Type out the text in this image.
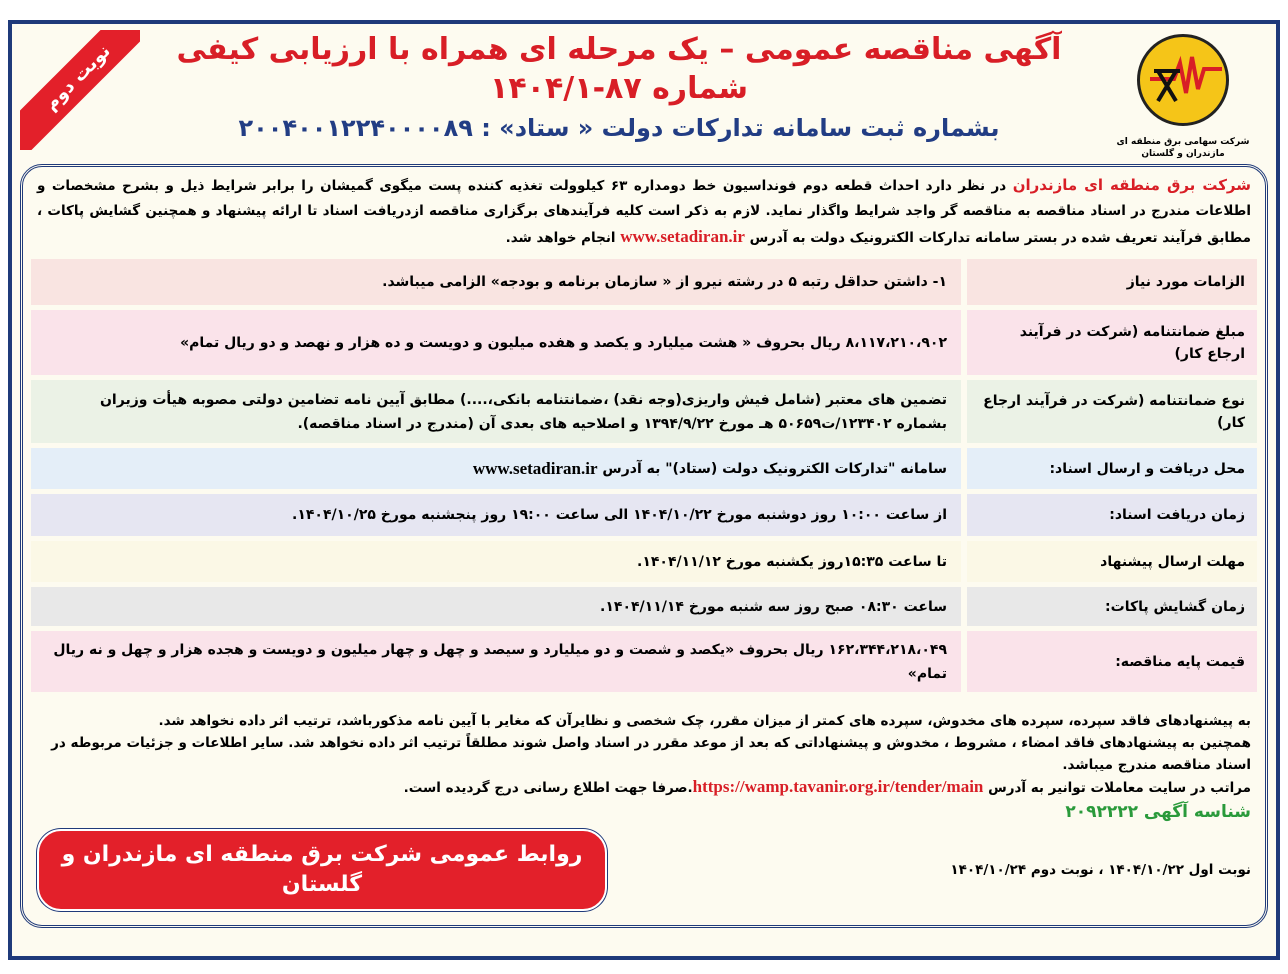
نوبت دوم	آگهی مناقصه عمومی – یک مرحله ای همراه با ارزیابی کیفی
شماره ۸۷-۱۴۰۴/۱
بشماره ثبت سامانه تدارکات دولت « ستاد» : ۲۰۰۴۰۰۱۲۲۴۰۰۰۰۸۹	شرکت سهامی برق منطقه ای مازندران و گلستان
شرکت برق منطقه ای مازندران در نظر دارد احداث قطعه دوم فونداسیون خط دومداره ۶۳ کیلوولت تغذیه کننده پست میگوی گمیشان را برابر شرایط ذیل و بشرح مشخصات و اطلاعات مندرج در اسناد مناقصه به مناقصه گر واجد شرایط واگذار نماید. لازم به ذکر است کلیه فرآیندهای برگزاری مناقصه ازدریافت اسناد تا ارائه پیشنهاد و همچنین گشایش پاکات ، مطابق فرآیند تعریف شده در بستر سامانه تدارکات الکترونیک دولت به آدرس www.setadiran.ir انجام خواهد شد.
الزامات مورد نیاز
۱- داشتن حداقل رتبه ۵ در رشته نیرو از « سازمان برنامه و بودجه» الزامی میباشد.
مبلغ ضمانتنامه (شرکت در فرآیند ارجاع کار)
۸،۱۱۷،۲۱۰،۹۰۲ ریال بحروف « هشت میلیارد و یکصد و هفده میلیون و دویست و ده هزار و نهصد و دو ریال تمام»
نوع ضمانتنامه (شرکت در فرآیند ارجاع کار)
تضمین های معتبر (شامل فیش واریزی(وجه نقد) ،ضمانتنامه بانکی،....) مطابق آیین نامه تضامین دولتی مصوبه هیأت وزیران بشماره ۱۲۳۴۰۲/ت۵۰۶۵۹ هـ مورخ ۱۳۹۴/۹/۲۲ و اصلاحیه های بعدی آن (مندرج در اسناد مناقصه).
محل دریافت و ارسال اسناد:
سامانه "تدارکات الکترونیک دولت (ستاد)" به آدرس

www.setadiran.ir
زمان دریافت اسناد:
از ساعت ۱۰:۰۰ روز دوشنبه مورخ ۱۴۰۴/۱۰/۲۲ الی ساعت ۱۹:۰۰ روز پنجشنبه مورخ ۱۴۰۴/۱۰/۲۵.
مهلت ارسال پیشنهاد
تا ساعت ۱۵:۳۵روز یکشنبه مورخ ۱۴۰۴/۱۱/۱۲.
زمان گشایش پاکات:
ساعت ۰۸:۳۰ صبح روز سه شنبه مورخ ۱۴۰۴/۱۱/۱۴.
قیمت پایه مناقصه:
۱۶۲،۳۴۴،۲۱۸،۰۴۹ ریال بحروف «یکصد و شصت و دو میلیارد و سیصد و چهل و چهار میلیون و دویست و هجده هزار و چهل و نه ریال تمام»
به پیشنهادهای فاقد سپرده، سپرده های مخدوش، سپرده های کمتر از میزان مقرر، چک شخصی و نظایرآن که مغایر با آیین نامه مذکورباشد، ترتیب اثر داده نخواهد شد.
همچنین به پیشنهادهای فاقد امضاء ، مشروط ، مخدوش و پیشنهاداتی که بعد از موعد مقرر در اسناد واصل شوند مطلقاً ترتیب اثر داده نخواهد شد. سایر اطلاعات و جزئیات مربوطه در اسناد مناقصه مندرج میباشد.
مراتب در سایت معاملات توانیر به آدرس https://wamp.tavanir.org.ir/tender/main.صرفا جهت اطلاع رسانی درج گردیده است.
شناسه آگهی ۲۰۹۲۲۲۲
نوبت اول ۱۴۰۴/۱۰/۲۲ ، نوبت دوم ۱۴۰۴/۱۰/۲۴
روابط عمومی شرکت برق منطقه ای مازندران و گلستان
